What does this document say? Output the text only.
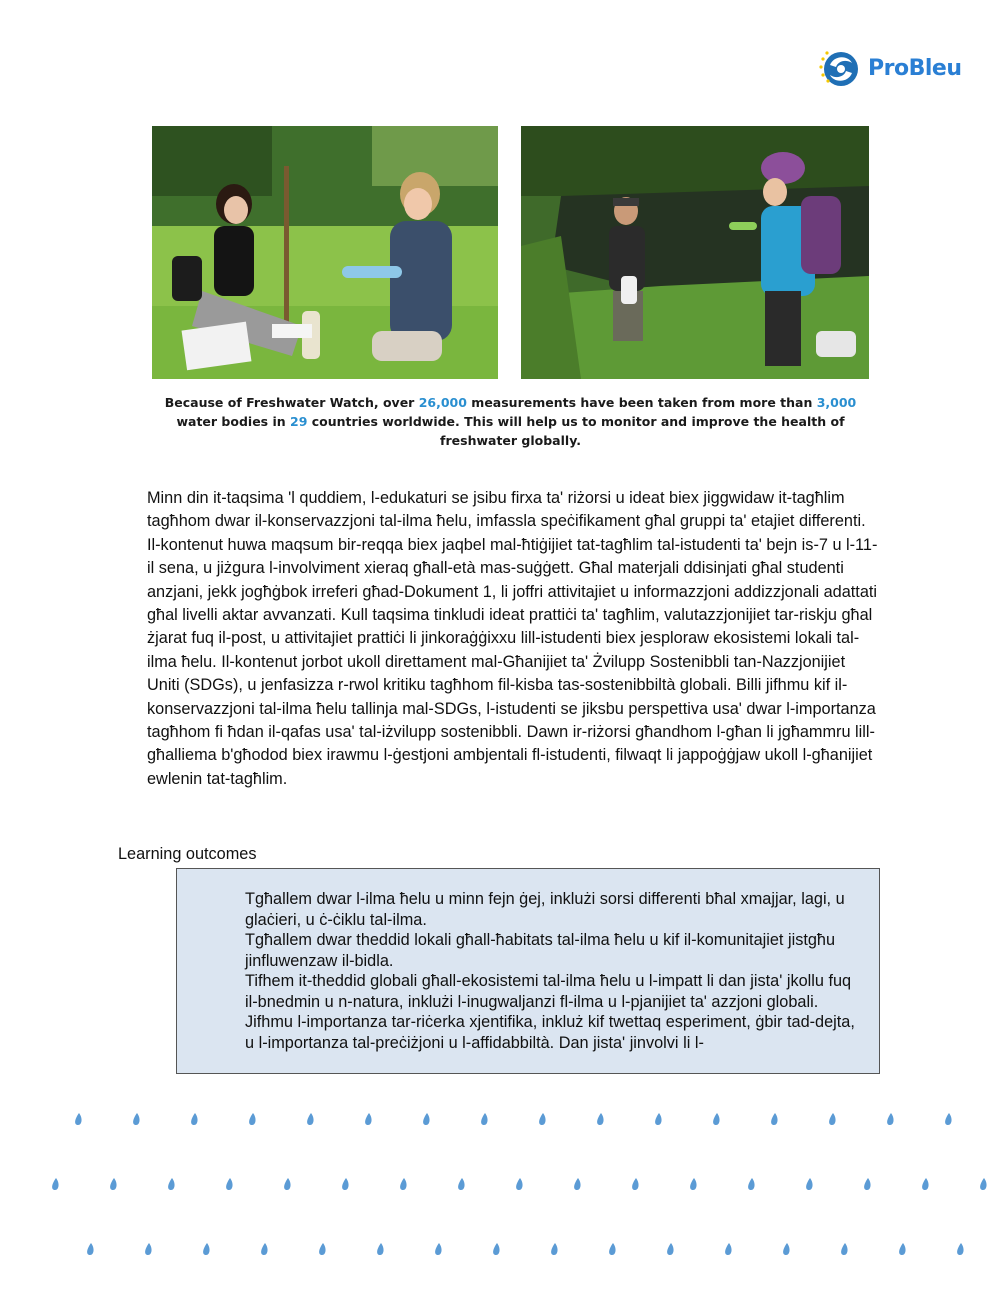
ProBleu
Because of Freshwater Watch, over 26,000 measurements have been taken from more than 3,000 water bodies in 29 countries worldwide. This will help us to monitor and improve the health of freshwater globally.

Minn din it-taqsima 'l quddiem, l-edukaturi se jsibu firxa ta' riżorsi u ideat biex jiggwidaw it-tagħlim tagħhom dwar il-konservazzjoni tal-ilma ħelu, imfassla speċifikament għal gruppi ta' etajiet differenti. Il-kontenut huwa maqsum bir-reqqa biex jaqbel mal-ħtiġijiet tat-tagħlim tal-istudenti ta' bejn is-7 u l-11-il sena, u jiżgura l-involviment xieraq għall-età mas-suġġett. Għal materjali ddisinjati għal studenti anzjani, jekk jogħġbok irreferi għad-Dokument 1, li joffri attivitajiet u informazzjoni addizzjonali adattati għal livelli aktar avvanzati. Kull taqsima tinkludi ideat prattiċi ta' tagħlim, valutazzjonijiet tar-riskju għal żjarat fuq il-post, u attivitajiet prattiċi li jinkoraġġixxu lill-istudenti biex jesploraw ekosistemi lokali tal-ilma ħelu. Il-kontenut jorbot ukoll direttament mal-Għanijiet ta' Żvilupp Sostenibbli tan-Nazzjonijiet Uniti (SDGs), u jenfasizza r-rwol kritiku tagħhom fil-kisba tas-sostenibbiltà globali. Billi jifhmu kif il-konservazzjoni tal-ilma ħelu tallinja mal-SDGs, l-istudenti se jiksbu perspettiva usa' dwar l-importanza tagħhom fi ħdan il-qafas usa' tal-iżvilupp sostenibbli. Dawn ir-riżorsi għandhom l-għan li jgħammru lill-għalliema b'għodod biex irawmu l-ġestjoni ambjentali fl-istudenti, filwaqt li jappoġġjaw ukoll l-għanijiet ewlenin tat-tagħlim.

Learning outcomes

Tgħallem dwar l-ilma ħelu u minn fejn ġej, inklużi sorsi differenti bħal xmajjar, lagi, u glaċieri, u ċ-ċiklu tal-ilma.

Tgħallem dwar theddid lokali għall-ħabitats tal-ilma ħelu u kif il-komunitajiet jistgħu jinfluwenzaw il-bidla.

Tifhem it-theddid globali għall-ekosistemi tal-ilma ħelu u l-impatt li dan jista' jkollu fuq il-bnedmin u n-natura, inklużi l-inugwaljanzi fl-ilma u l-pjanijiet ta' azzjoni globali.

Jifhmu l-importanza tar-riċerka xjentifika, inkluż kif twettaq esperiment, ġbir tad-dejta, u l-importanza tal-preċiżjoni u l-affidabbiltà. Dan jista' jinvolvi li l-
